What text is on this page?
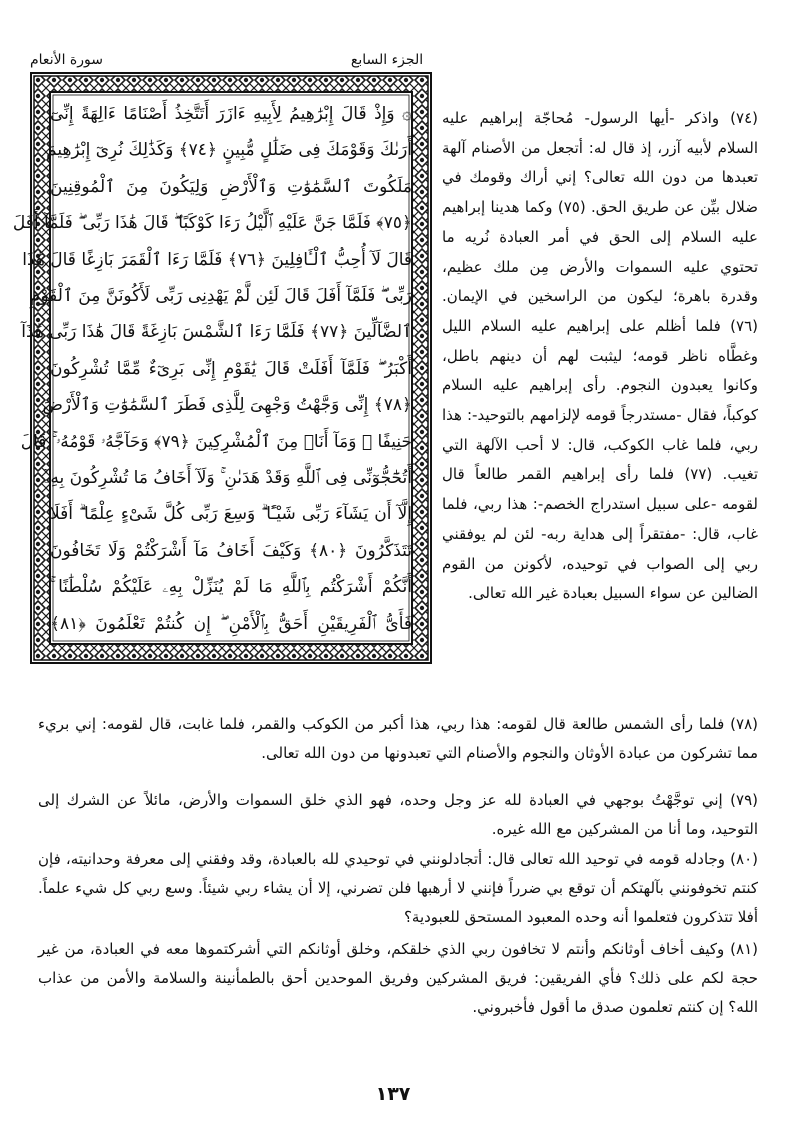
الجزء السابع
سورة الأنعام
۞ وَإِذْ قَالَ إِبْرَٰهِيمُ لِأَبِيهِ ءَازَرَ أَتَتَّخِذُ أَصْنَامًا ءَالِهَةً إِنِّىٓ
أَرَىٰكَ وَقَوْمَكَ فِى ضَلَٰلٍ مُّبِينٍ ﴿٧٤﴾ وَكَذَٰلِكَ نُرِىٓ إِبْرَٰهِيمَ
مَلَكُوتَ ٱلسَّمَٰوَٰتِ وَٱلْأَرْضِ وَلِيَكُونَ مِنَ ٱلْمُوقِنِينَ
﴿٧٥﴾ فَلَمَّا جَنَّ عَلَيْهِ ٱلَّيْلُ رَءَا كَوْكَبًا ۖ قَالَ هَٰذَا رَبِّى ۖ فَلَمَّآ أَفَلَ
قَالَ لَآ أُحِبُّ ٱلْـَٔافِلِينَ ﴿٧٦﴾ فَلَمَّا رَءَا ٱلْقَمَرَ بَازِغًا قَالَ هَٰذَا
رَبِّى ۖ فَلَمَّآ أَفَلَ قَالَ لَئِن لَّمْ يَهْدِنِى رَبِّى لَأَكُونَنَّ مِنَ ٱلْقَوْمِ
ٱلضَّآلِّينَ ﴿٧٧﴾ فَلَمَّا رَءَا ٱلشَّمْسَ بَازِغَةً قَالَ هَٰذَا رَبِّى هَٰذَآ
أَكْبَرُ ۖ فَلَمَّآ أَفَلَتْ قَالَ يَٰقَوْمِ إِنِّى بَرِىٓءٌ مِّمَّا تُشْرِكُونَ
﴿٧٨﴾ إِنِّى وَجَّهْتُ وَجْهِىَ لِلَّذِى فَطَرَ ٱلسَّمَٰوَٰتِ وَٱلْأَرْضَ
حَنِيفًا ۖ وَمَآ أَنَا۠ مِنَ ٱلْمُشْرِكِينَ ﴿٧٩﴾ وَحَآجَّهُۥ قَوْمُهُۥ ۚ قَالَ
أَتُحَٰٓجُّوٓنِّى فِى ٱللَّهِ وَقَدْ هَدَىٰنِ ۚ وَلَآ أَخَافُ مَا تُشْرِكُونَ بِهِۦٓ
إِلَّآ أَن يَشَآءَ رَبِّى شَيْـًٔا ۗ وَسِعَ رَبِّى كُلَّ شَىْءٍ عِلْمًا ۗ أَفَلَا
تَتَذَكَّرُونَ ﴿٨٠﴾ وَكَيْفَ أَخَافُ مَآ أَشْرَكْتُمْ وَلَا تَخَافُونَ
أَنَّكُمْ أَشْرَكْتُم بِٱللَّهِ مَا لَمْ يُنَزِّلْ بِهِۦ عَلَيْكُمْ سُلْطَٰنًا ۚ
فَأَىُّ ٱلْفَرِيقَيْنِ أَحَقُّ بِٱلْأَمْنِ ۖ إِن كُنتُمْ تَعْلَمُونَ ﴿٨١﴾

(٧٤) واذكر -أيها الرسول- مُحاجّة إبراهيم عليه السلام لأبيه آزر، إذ قال له: أتجعل من الأصنام آلهة تعبدها من دون الله تعالى؟ إني أراك وقومك في ضلال بيِّن عن طريق الحق. (٧٥) وكما هدينا إبراهيم عليه السلام إلى الحق في أمر العبادة نُريه ما تحتوي عليه السموات والأرض مِن ملك عظيم، وقدرة باهرة؛ ليكون من الراسخين في الإيمان. (٧٦) فلما أظلم على إبراهيم عليه السلام الليل وغطَّاه ناظر قومه؛ ليثبت لهم أن دينهم باطل، وكانوا يعبدون النجوم. رأى إبراهيم عليه السلام كوكباً، فقال -مستدرجاً قومه لإلزامهم بالتوحيد-: هذا ربي، فلما غاب الكوكب، قال: لا أحب الآلهة التي تغيب. (٧٧) فلما رأى إبراهيم القمر طالعاً قال لقومه -على سبيل استدراج الخصم-: هذا ربي، فلما غاب، قال: -مفتقراً إلى هداية ربه- لئن لم يوفقني ربي إلى الصواب في توحيده، لأكونن من القوم الضالين عن سواء السبيل بعبادة غير الله تعالى.

(٧٨) فلما رأى الشمس طالعة قال لقومه: هذا ربي، هذا أكبر من الكوكب والقمر، فلما غابت، قال لقومه: إني بريء مما تشركون من عبادة الأوثان والنجوم والأصنام التي تعبدونها من دون الله تعالى.
(٧٩) إني توجَّهْتُ بوجهي في العبادة لله عز وجل وحده، فهو الذي خلق السموات والأرض، مائلاً عن الشرك إلى التوحيد، وما أنا من المشركين مع الله غيره.
(٨٠) وجادله قومه في توحيد الله تعالى قال: أتجادلونني في توحيدي لله بالعبادة، وقد وفقني إلى معرفة وحدانيته، فإن كنتم تخوفونني بآلهتكم أن توقع بي ضرراً فإنني لا أرهبها فلن تضرني، إلا أن يشاء ربي شيئاً. وسع ربي كل شيء علماً. أفلا تتذكرون فتعلموا أنه وحده المعبود المستحق للعبودية؟
(٨١) وكيف أخاف أوثانكم وأنتم لا تخافون ربي الذي خلقكم، وخلق أوثانكم التي أشركتموها معه في العبادة، من غير حجة لكم على ذلك؟ فأي الفريقين: فريق المشركين وفريق الموحدين أحق بالطمأنينة والسلامة والأمن من عذاب الله؟ إن كنتم تعلمون صدق ما أقول فأخبروني.
١٣٧
